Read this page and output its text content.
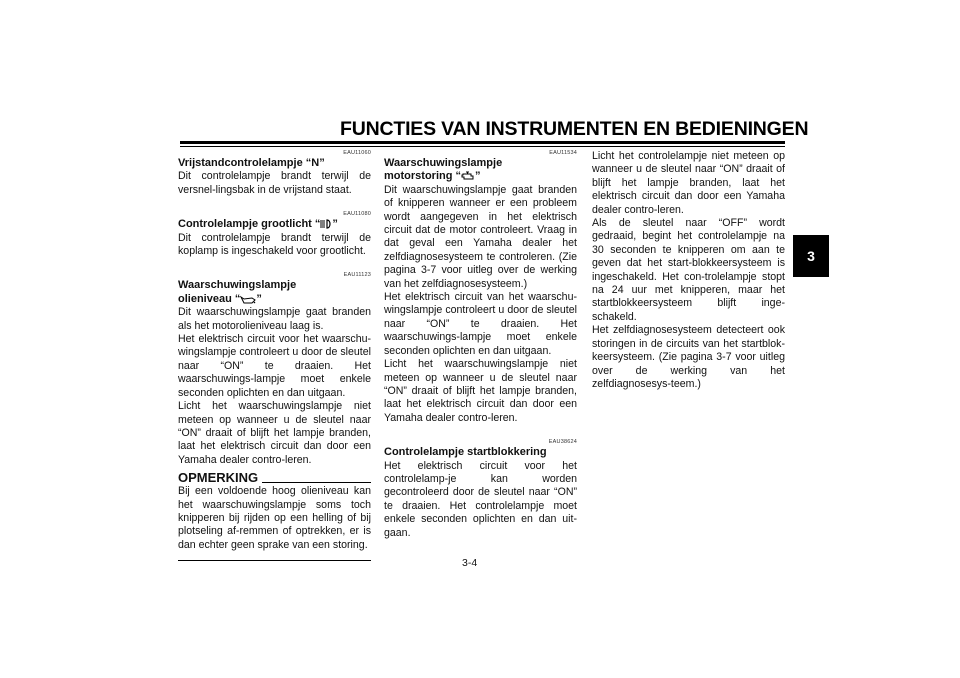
FUNCTIES VAN INSTRUMENTEN EN BEDIENINGEN
3
EAU11060
Vrijstandcontrolelampje “N”

Dit controlelampje brandt terwijl de versnel-lingsbak in de vrijstand staat.

EAU11080
Controlelampje grootlicht “ ”

Dit controlelampje brandt terwijl de koplamp is ingeschakeld voor grootlicht.

EAU11123
Waarschuwingslampje
olieniveau “ ”

Dit waarschuwingslampje gaat branden als het motorolieniveau laag is.

Het elektrisch circuit voor het waarschu-wingslampje controleert u door de sleutel naar “ON” te draaien. Het waarschuwings-lampje moet enkele seconden oplichten en dan uitgaan.

Licht het waarschuwingslampje niet meteen op wanneer u de sleutel naar “ON” draait of blijft het lampje branden, laat het elektrisch circuit dan door een Yamaha dealer contro-leren.

OPMERKING

Bij een voldoende hoog olieniveau kan het waarschuwingslampje soms toch knipperen bij rijden op een helling of bij plotseling af-remmen of optrekken, er is dan echter geen sprake van een storing.

EAU11534
Waarschuwingslampje
motorstoring “ ”

Dit waarschuwingslampje gaat branden of knipperen wanneer er een probleem wordt aangegeven in het elektrisch circuit dat de motor controleert. Vraag in dat geval een Yamaha dealer het zelfdiagnosesysteem te controleren. (Zie pagina 3-7 voor uitleg over de werking van het zelfdiagnosesysteem.)

Het elektrisch circuit van het waarschu-wingslampje controleert u door de sleutel naar “ON” te draaien. Het waarschuwings-lampje moet enkele seconden oplichten en dan uitgaan.

Licht het waarschuwingslampje niet meteen op wanneer u de sleutel naar “ON” draait of blijft het lampje branden, laat het elektrisch circuit dan door een Yamaha dealer contro-leren.

EAU38624
Controlelampje startblokkering

Het elektrisch circuit voor het controlelamp-je kan worden gecontroleerd door de sleutel naar “ON” te draaien. Het controlelampje moet enkele seconden oplichten en dan uit-gaan.

Licht het controlelampje niet meteen op wanneer u de sleutel naar “ON” draait of blijft het lampje branden, laat het elektrisch circuit dan door een Yamaha dealer contro-leren.

Als de sleutel naar “OFF” wordt gedraaid, begint het controlelampje na 30 seconden te knipperen om aan te geven dat het start-blokkeersysteem is ingeschakeld. Het con-trolelampje stopt na 24 uur met knipperen, maar het startblokkeersysteem blijft inge-schakeld.

Het zelfdiagnosesysteem detecteert ook storingen in de circuits van het startblok-keersysteem. (Zie pagina 3-7 voor uitleg over de werking van het zelfdiagnosesys-teem.)

3-4
